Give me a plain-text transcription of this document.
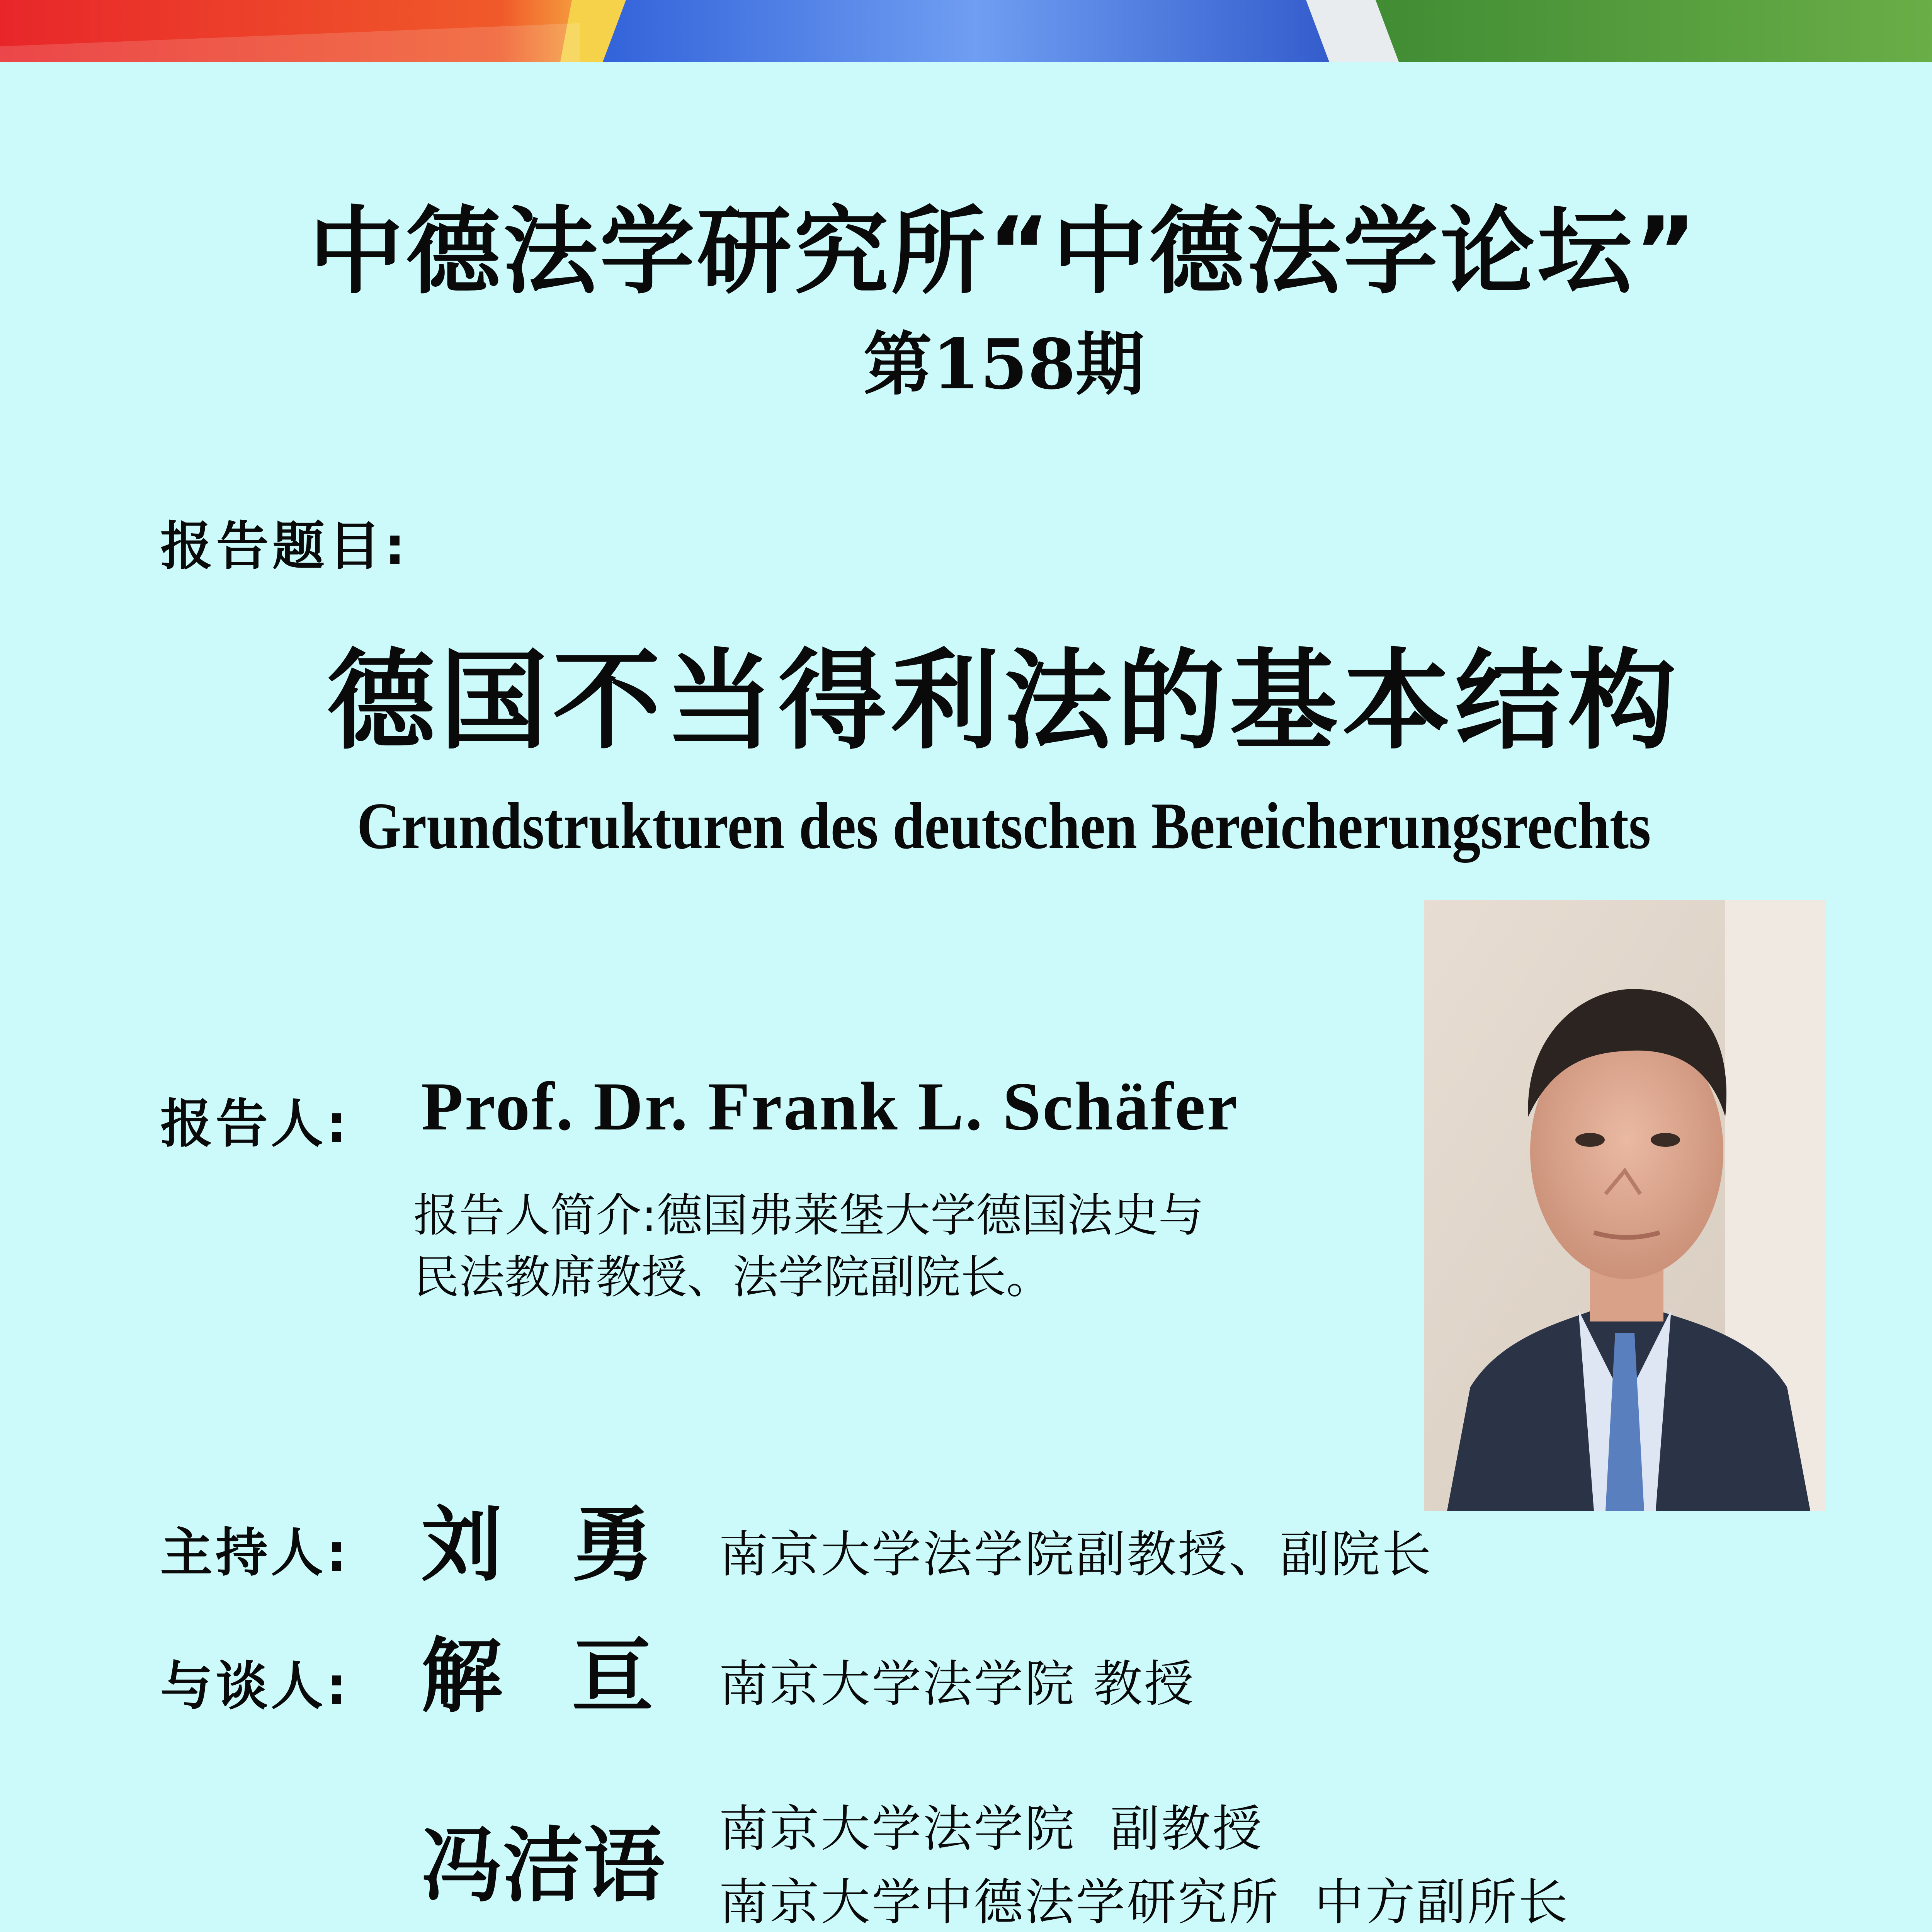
中德法学研究所“中德法学论坛”
第158期
报告题目:
德国不当得利法的基本结构
Grundstrukturen des deutschen Bereicherungsrechts
报告人: Prof. Dr. Frank L. Schäfer
报告人简介:德国弗莱堡大学德国法史与
民法教席教授、法学院副院长。
主持人: 刘勇
南京大学法学院副教授、副院长
与谈人: 解亘
南京大学法学院 教授
冯洁语 南京大学法学院  副教授
南京大学中德法学研究所  中方副所长
